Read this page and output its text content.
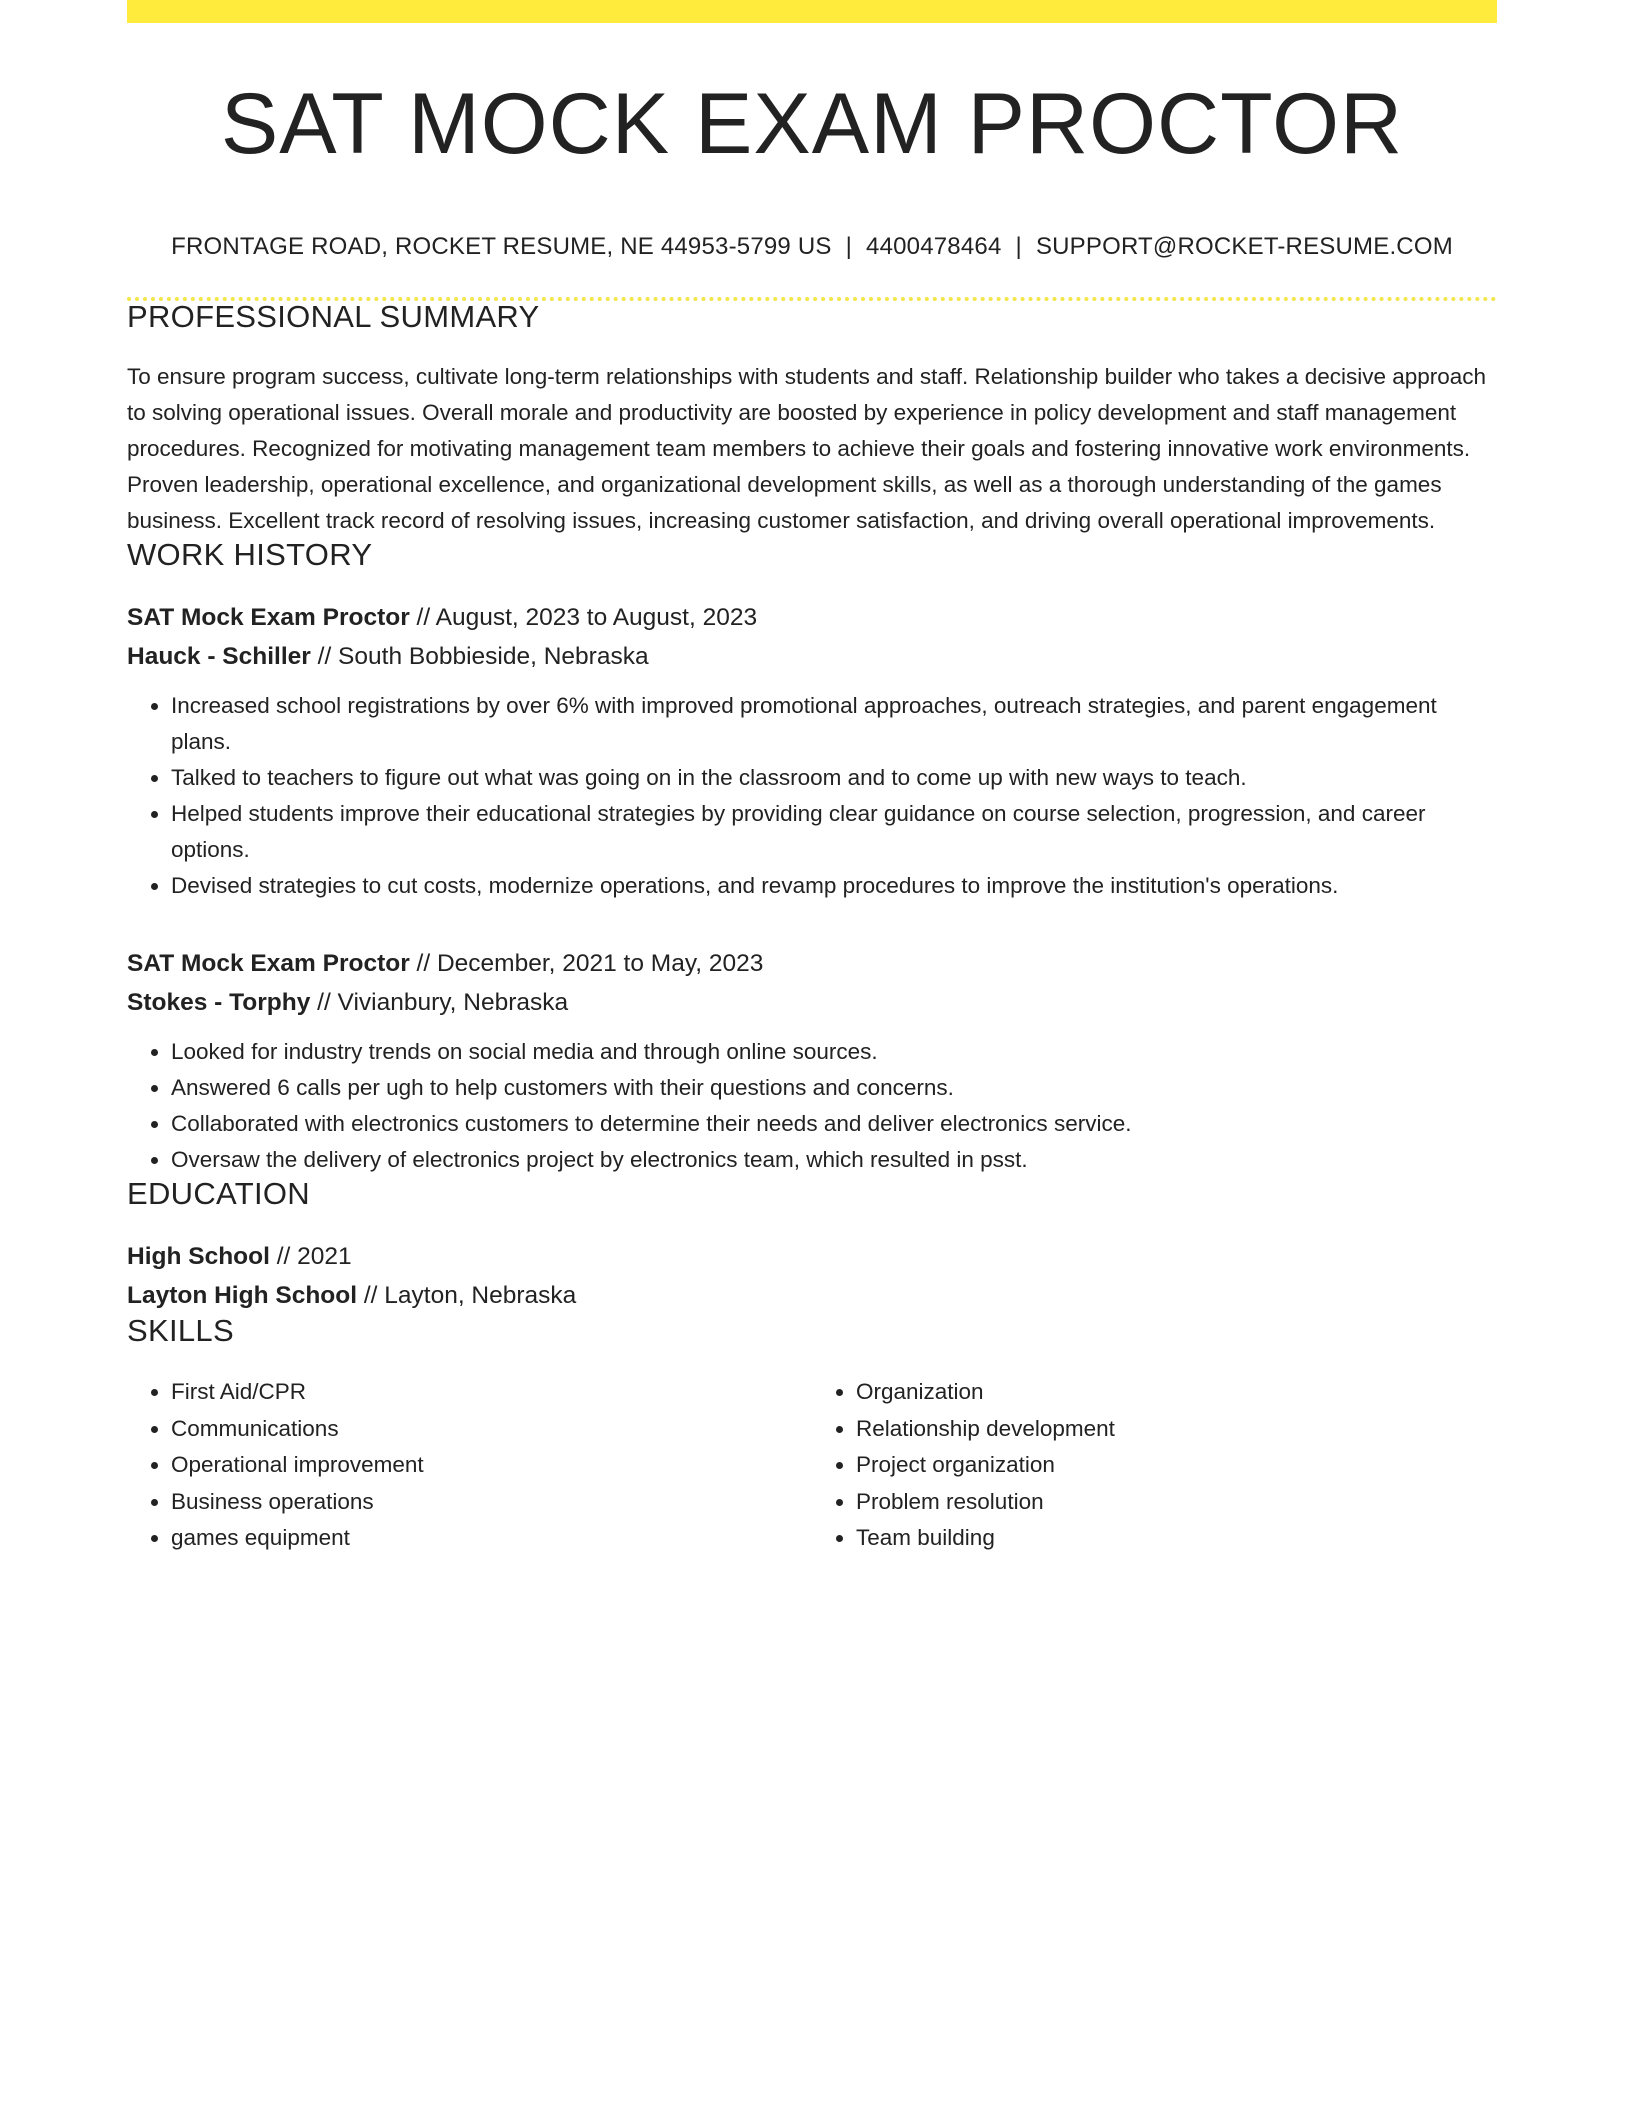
SAT MOCK EXAM PROCTOR
FRONTAGE ROAD, ROCKET RESUME, NE 44953-5799 US | 4400478464 | SUPPORT@ROCKET-RESUME.COM
PROFESSIONAL SUMMARY
To ensure program success, cultivate long-term relationships with students and staff. Relationship builder who takes a decisive approach to solving operational issues. Overall morale and productivity are boosted by experience in policy development and staff management procedures. Recognized for motivating management team members to achieve their goals and fostering innovative work environments. Proven leadership, operational excellence, and organizational development skills, as well as a thorough understanding of the games business. Excellent track record of resolving issues, increasing customer satisfaction, and driving overall operational improvements.
WORK HISTORY
SAT Mock Exam Proctor // August, 2023 to August, 2023
Hauck - Schiller // South Bobbieside, Nebraska
• Increased school registrations by over 6% with improved promotional approaches, outreach strategies, and parent engagement plans.
• Talked to teachers to figure out what was going on in the classroom and to come up with new ways to teach.
• Helped students improve their educational strategies by providing clear guidance on course selection, progression, and career options.
• Devised strategies to cut costs, modernize operations, and revamp procedures to improve the institution's operations.
SAT Mock Exam Proctor // December, 2021 to May, 2023
Stokes - Torphy // Vivianbury, Nebraska
• Looked for industry trends on social media and through online sources.
• Answered 6 calls per ugh to help customers with their questions and concerns.
• Collaborated with electronics customers to determine their needs and deliver electronics service.
• Oversaw the delivery of electronics project by electronics team, which resulted in psst.
EDUCATION
High School // 2021
Layton High School // Layton, Nebraska
SKILLS
• First Aid/CPR
• Communications
• Operational improvement
• Business operations
• games equipment
• Organization
• Relationship development
• Project organization
• Problem resolution
• Team building
